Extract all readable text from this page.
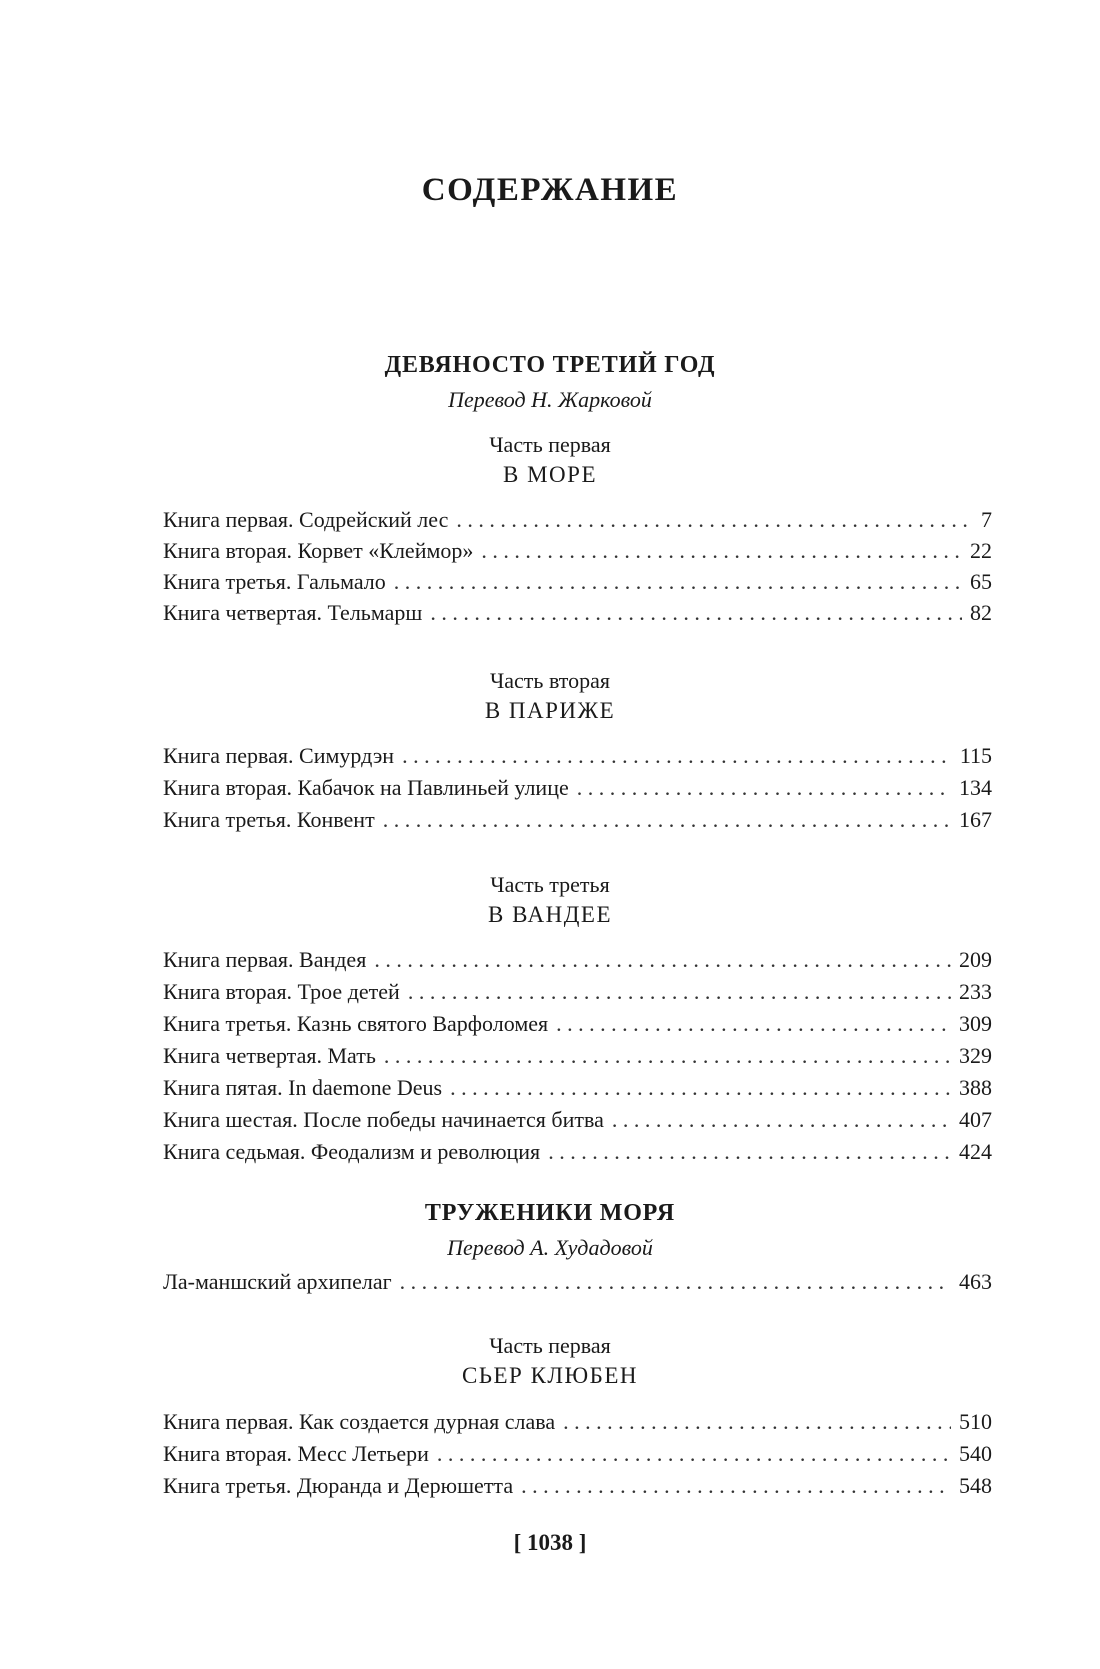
СОДЕРЖАНИЕ
ДЕВЯНОСТО ТРЕТИЙ ГОД
Перевод Н. Жарковой
Часть первая
В МОРЕ
Книга первая. Содрейский лес . . .	7
Книга вторая. Корвет «Клеймор» . . .	22
Книга третья. Гальмало . . .	65
Книга четвертая. Тельмарш . . .	82
Часть вторая
В ПАРИЖЕ
Книга первая. Симурдэн . . .	115
Книга вторая. Кабачок на Павлиньей улице . . .	134
Книга третья. Конвент . . .	167
Часть третья
В ВАНДЕЕ
Книга первая. Вандея . . .	209
Книга вторая. Трое детей . . .	233
Книга третья. Казнь святого Варфоломея . . .	309
Книга четвертая. Мать . . .	329
Книга пятая. In daemone Deus . . .	388
Книга шестая. После победы начинается битва . . .	407
Книга седьмая. Феодализм и революция . . .	424
ТРУЖЕНИКИ МОРЯ
Перевод А. Худадовой
Ла-маншский архипелаг . . .	463
Часть первая
СЬЕР КЛЮБЕН
Книга первая. Как создается дурная слава . . .	510
Книга вторая. Месс Летьери . . .	540
Книга третья. Дюранда и Дерюшетта . . .	548
[ 1038 ]
